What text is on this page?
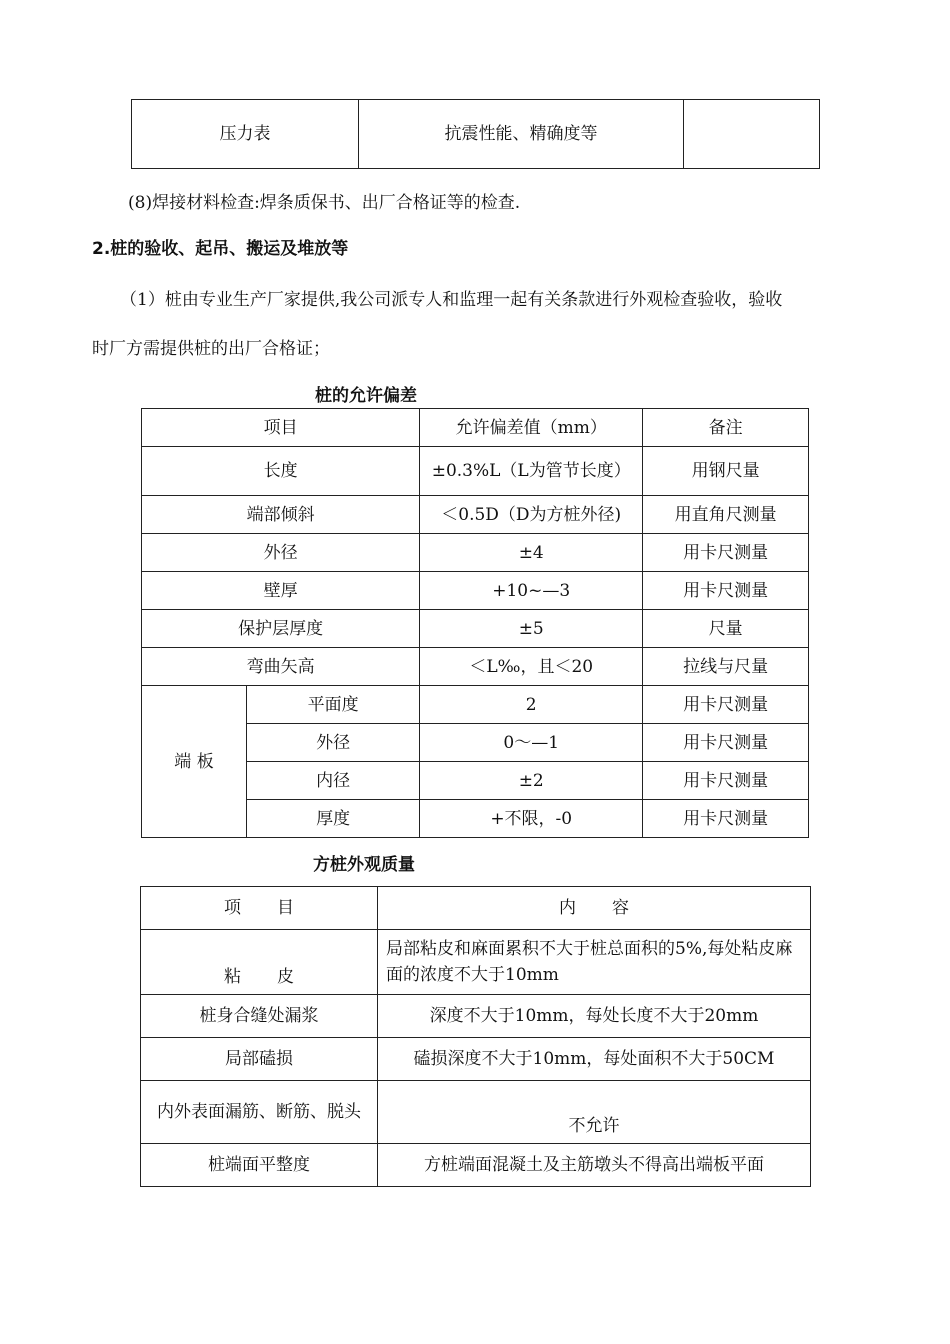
压力表	抗震性能、精确度等	
(8)焊接材料检查:焊条质保书、出厂合格证等的检查.
2.桩的验收、起吊、搬运及堆放等
（1）桩由专业生产厂家提供,我公司派专人和监理一起有关条款进行外观检查验收，验收
时厂方需提供桩的出厂合格证；
桩的允许偏差
项目		允许偏差值（mm）	备注
长度		±0.3%L（L为管节长度）	用钢尺量
端部倾斜		＜0.5D（D为方桩外径)	用直角尺测量
外径		±4	用卡尺测量
壁厚		+10~—3	用卡尺测量
保护层厚度		±5	尺量
弯曲矢高		＜L‰，且＜20	拉线与尺量
端 板	平面度	2	用卡尺测量
	外径	0～—1	用卡尺测量
	内径	±2	用卡尺测量
	厚度	+不限，-0	用卡尺测量
方桩外观质量
项 目	内 容
粘 皮	局部粘皮和麻面累积不大于桩总面积的5%,每处粘皮麻面的浓度不大于10mm
桩身合缝处漏浆	深度不大于10mm，每处长度不大于20mm
局部磕损	磕损深度不大于10mm，每处面积不大于50CM
内外表面漏筋、断筋、脱头	不允许
桩端面平整度	方桩端面混凝土及主筋墩头不得高出端板平面
